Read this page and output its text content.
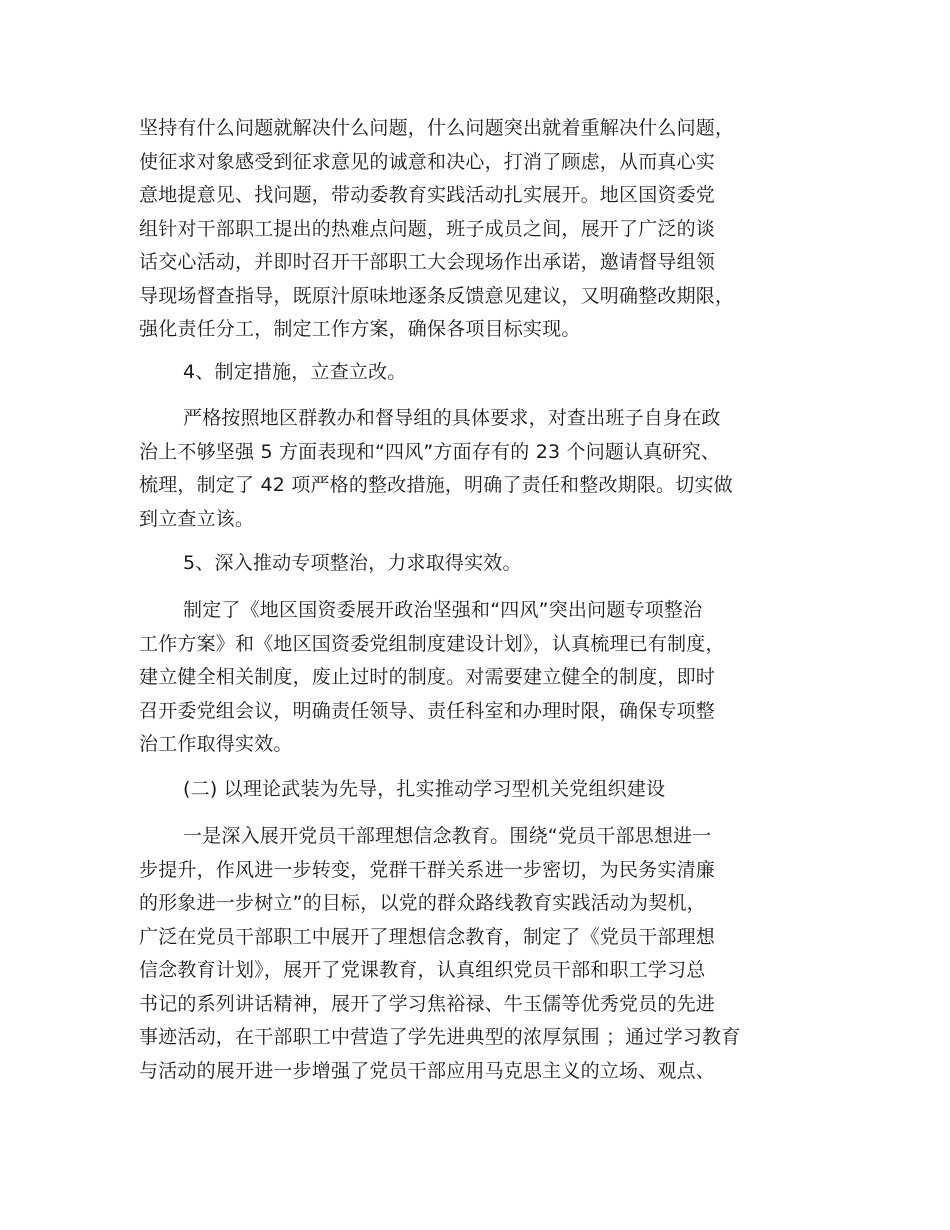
坚持有什么问题就解决什么问题，什么问题突出就着重解决什么问题，
使征求对象感受到征求意见的诚意和决心，打消了顾虑，从而真心实
意地提意见、找问题，带动委教育实践活动扎实展开。地区国资委党
组针对干部职工提出的热难点问题，班子成员之间，展开了广泛的谈
话交心活动，并即时召开干部职工大会现场作出承诺，邀请督导组领
导现场督查指导，既原汁原味地逐条反馈意见建议，又明确整改期限，
强化责任分工，制定工作方案，确保各项目标实现。
4、制定措施，立查立改。
严格按照地区群教办和督导组的具体要求，对查出班子自身在政
治上不够坚强 5 方面表现和“四风”方面存有的 23 个问题认真研究、
梳理，制定了 42 项严格的整改措施，明确了责任和整改期限。切实做
到立查立该。
5、深入推动专项整治，力求取得实效。
制定了《地区国资委展开政治坚强和“四风”突出问题专项整治
工作方案》和《地区国资委党组制度建设计划》，认真梳理已有制度，
建立健全相关制度，废止过时的制度。对需要建立健全的制度，即时
召开委党组会议，明确责任领导、责任科室和办理时限，确保专项整
治工作取得实效。
(二) 以理论武装为先导，扎实推动学习型机关党组织建设
一是深入展开党员干部理想信念教育。围绕“党员干部思想进一
步提升，作风进一步转变，党群干群关系进一步密切，为民务实清廉
的形象进一步树立”的目标，以党的群众路线教育实践活动为契机，
广泛在党员干部职工中展开了理想信念教育，制定了《党员干部理想
信念教育计划》，展开了党课教育，认真组织党员干部和职工学习总
书记的系列讲话精神，展开了学习焦裕禄、牛玉儒等优秀党员的先进
事迹活动，在干部职工中营造了学先进典型的浓厚氛围 ；通过学习教育
与活动的展开进一步增强了党员干部应用马克思主义的立场、观点、
